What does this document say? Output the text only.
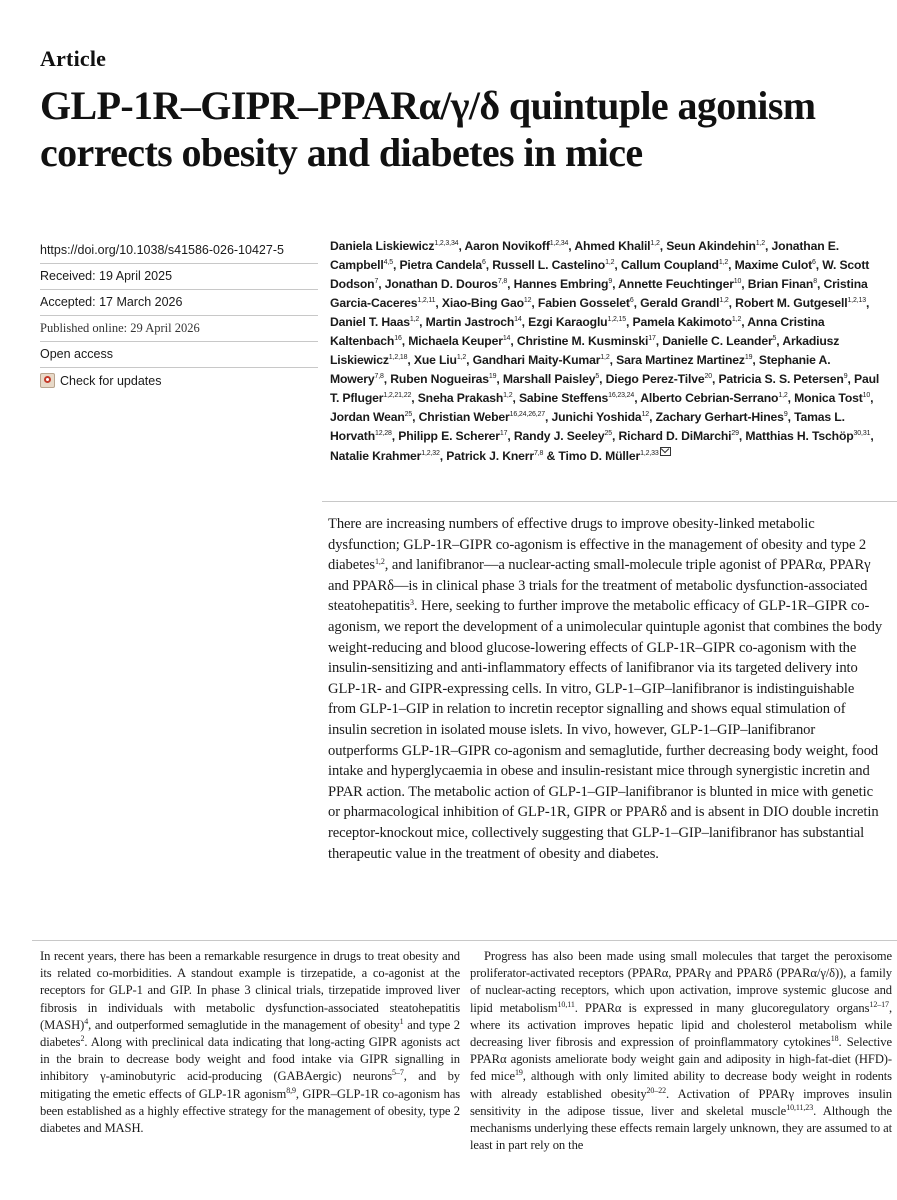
Article
GLP-1R–GIPR–PPARα/γ/δ quintuple agonism corrects obesity and diabetes in mice
https://doi.org/10.1038/s41586-026-10427-5
Received: 19 April 2025
Accepted: 17 March 2026
Published online: 29 April 2026
Open access
Check for updates
Daniela Liskiewicz$^{1,2,3,34}$, Aaron Novikoff$^{1,2,34}$, Ahmed Khalil$^{1,2}$, Seun Akindehin$^{1,2}$, Jonathan E. Campbell$^{4,5}$, Pietra Candela$^6$, Russell L. Castelino$^{1,2}$, Callum Coupland$^{1,2}$, Maxime Culot$^6$, W. Scott Dodson$^7$, Jonathan D. Douros$^{7,8}$, Hannes Embring$^9$, Annette Feuchtinger$^{10}$, Brian Finan$^8$, Cristina Garcia-Caceres$^{1,2,11}$, Xiao-Bing Gao$^{12}$, Fabien Gosselet$^6$, Gerald Grandl$^{1,2}$, Robert M. Gutgesell$^{1,2,13}$, Daniel T. Haas$^{1,2}$, Martin Jastroch$^{14}$, Ezgi Karaoglu$^{1,2,15}$, Pamela Kakimoto$^{1,2}$, Anna Cristina Kaltenbach$^{16}$, Michaela Keuper$^{14}$, Christine M. Kusminski$^{17}$, Danielle C. Leander$^5$, Arkadiusz Liskiewicz$^{1,2,18}$, Xue Liu$^{1,2}$, Gandhari Maity-Kumar$^{1,2}$, Sara Martinez Martinez$^{19}$, Stephanie A. Mowery$^{7,8}$, Ruben Nogueiras$^{19}$, Marshall Paisley$^5$, Diego Perez-Tilve$^{20}$, Patricia S. S. Petersen$^9$, Paul T. Pfluger$^{1,2,21,22}$, Sneha Prakash$^{1,2}$, Sabine Steffens$^{16,23,24}$, Alberto Cebrian-Serrano$^{1,2}$, Monica Tost$^{10}$, Jordan Wean$^{25}$, Christian Weber$^{16,24,26,27}$, Junichi Yoshida$^{12}$, Zachary Gerhart-Hines$^9$, Tamas L. Horvath$^{12,28}$, Philipp E. Scherer$^{17}$, Randy J. Seeley$^{25}$, Richard D. DiMarchi$^{29}$, Matthias H. Tschöp$^{30,31}$, Natalie Krahmer$^{1,2,32}$, Patrick J. Knerr$^{7,8}$ & Timo D. Müller$^{1,2,33}$

There are increasing numbers of effective drugs to improve obesity-linked metabolic dysfunction; GLP-1R–GIPR co-agonism is effective in the management of obesity and type 2 diabetes$^{1,2}$, and lanifibranor—a nuclear-acting small-molecule triple agonist of PPARα, PPARγ and PPARδ—is in clinical phase 3 trials for the treatment of metabolic dysfunction-associated steatohepatitis$^3$. Here, seeking to further improve the metabolic efficacy of GLP-1R–GIPR co-agonism, we report the development of a unimolecular quintuple agonist that combines the body weight-reducing and blood glucose-lowering effects of GLP-1R–GIPR co-agonism with the insulin-sensitizing and anti-inflammatory effects of lanifibranor via its targeted delivery into GLP-1R- and GIPR-expressing cells. In vitro, GLP-1–GIP–lanifibranor is indistinguishable from GLP-1–GIP in relation to incretin receptor signalling and shows equal stimulation of insulin secretion in isolated mouse islets. In vivo, however, GLP-1–GIP–lanifibranor outperforms GLP-1R–GIPR co-agonism and semaglutide, further decreasing body weight, food intake and hyperglycaemia in obese and insulin-resistant mice through synergistic incretin and PPAR action. The metabolic action of GLP-1–GIP–lanifibranor is blunted in mice with genetic or pharmacological inhibition of GLP-1R, GIPR or PPARδ and is absent in DIO double incretin receptor-knockout mice, collectively suggesting that GLP-1–GIP–lanifibranor has substantial therapeutic value in the treatment of obesity and diabetes.

In recent years, there has been a remarkable resurgence in drugs to treat obesity and its related co-morbidities. A standout example is tirzepatide, a co-agonist at the receptors for GLP-1 and GIP. In phase 3 clinical trials, tirzepatide improved liver fibrosis in individuals with metabolic dysfunction-associated steatohepatitis (MASH)$^4$, and outperformed semaglutide in the management of obesity$^1$ and type 2 diabetes$^2$. Along with preclinical data indicating that long-acting GIPR agonists act in the brain to decrease body weight and food intake via GIPR signalling in inhibitory γ-aminobutyric acid-producing (GABAergic) neurons$^{5-7}$, and by mitigating the emetic effects of GLP-1R agonism$^{8,9}$, GIPR–GLP-1R co-agonism has been established as a highly effective strategy for the management of obesity, type 2 diabetes and MASH.

Progress has also been made using small molecules that target the peroxisome proliferator-activated receptors (PPARα, PPARγ and PPARδ (PPARα/γ/δ)), a family of nuclear-acting receptors, which upon activation, improve systemic glucose and lipid metabolism$^{10,11}$. PPARα is expressed in many glucoregulatory organs$^{12-17}$, where its activation improves hepatic lipid and cholesterol metabolism while decreasing liver fibrosis and expression of proinflammatory cytokines$^{18}$. Selective PPARα agonists ameliorate body weight gain and adiposity in high-fat-diet (HFD)-fed mice$^{19}$, although with only limited ability to decrease body weight in rodents with already established obesity$^{20-22}$. Activation of PPARγ improves insulin sensitivity in the adipose tissue, liver and skeletal muscle$^{10,11,23}$. Although the mechanisms underlying these effects remain largely unknown, they are assumed to at least in part rely on the
